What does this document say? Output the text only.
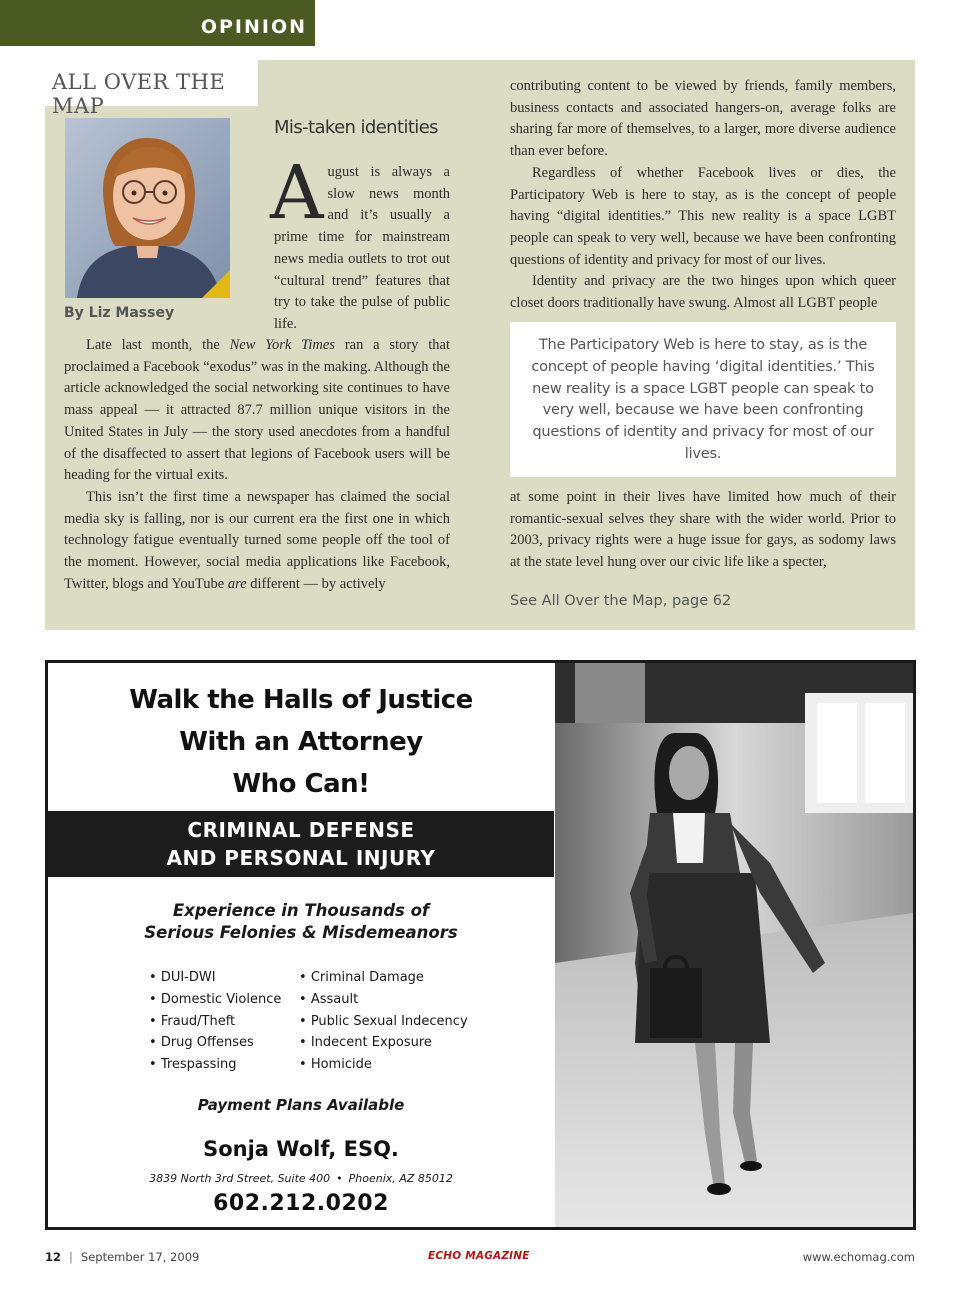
OPINION
ALL OVER THE MAP
By Liz Massey
Mis-taken identities

August is always a slow news month and it’s usually a prime time for mainstream news media outlets to trot out “cultural trend” features that try to take the pulse of public life.

Late last month, the New York Times ran a story that proclaimed a Facebook “exodus” was in the making. Although the article acknowledged the social networking site continues to have mass appeal — it attracted 87.7 million unique visitors in the United States in July — the story used anecdotes from a handful of the disaffected to assert that legions of Facebook users will be heading for the virtual exits.

This isn’t the first time a newspaper has claimed the social media sky is falling, nor is our current era the first one in which technology fatigue eventually turned some people off the tool of the moment. However, social media applications like Facebook, Twitter, blogs and YouTube are different — by actively

contributing content to be viewed by friends, family members, business contacts and associated hangers-on, average folks are sharing far more of themselves, to a larger, more diverse audience than ever before.

Regardless of whether Facebook lives or dies, the Participatory Web is here to stay, as is the concept of people having “digital identities.” This new reality is a space LGBT people can speak to very well, because we have been confronting questions of identity and privacy for most of our lives.

Identity and privacy are the two hinges upon which queer closet doors traditionally have swung. Almost all LGBT people

The Participatory Web is here to stay, as is the concept of people having ‘digital identities.’ This new reality is a space LGBT people can speak to very well, because we have been confronting questions of identity and privacy for most of our lives.

at some point in their lives have limited how much of their romantic-sexual selves they share with the wider world. Prior to 2003, privacy rights were a huge issue for gays, as sodomy laws at the state level hung over our civic life like a specter,

See All Over the Map, page 62
Walk the Halls of Justice
With an Attorney
Who Can!
CRIMINAL DEFENSE
AND PERSONAL INJURY
Experience in Thousands of
Serious Felonies & Misdemeanors
• DUI-DWI
• Domestic Violence
• Fraud/Theft
• Drug Offenses
• Trespassing
• Criminal Damage
• Assault
• Public Sexual Indecency
• Indecent Exposure
• Homicide
Payment Plans Available
Sonja Wolf, ESQ.
3839 North 3rd Street, Suite 400 • Phoenix, AZ 85012
602.212.0202
12 | September 17, 2009	ECHO MAGAZINE	www.echomag.com
